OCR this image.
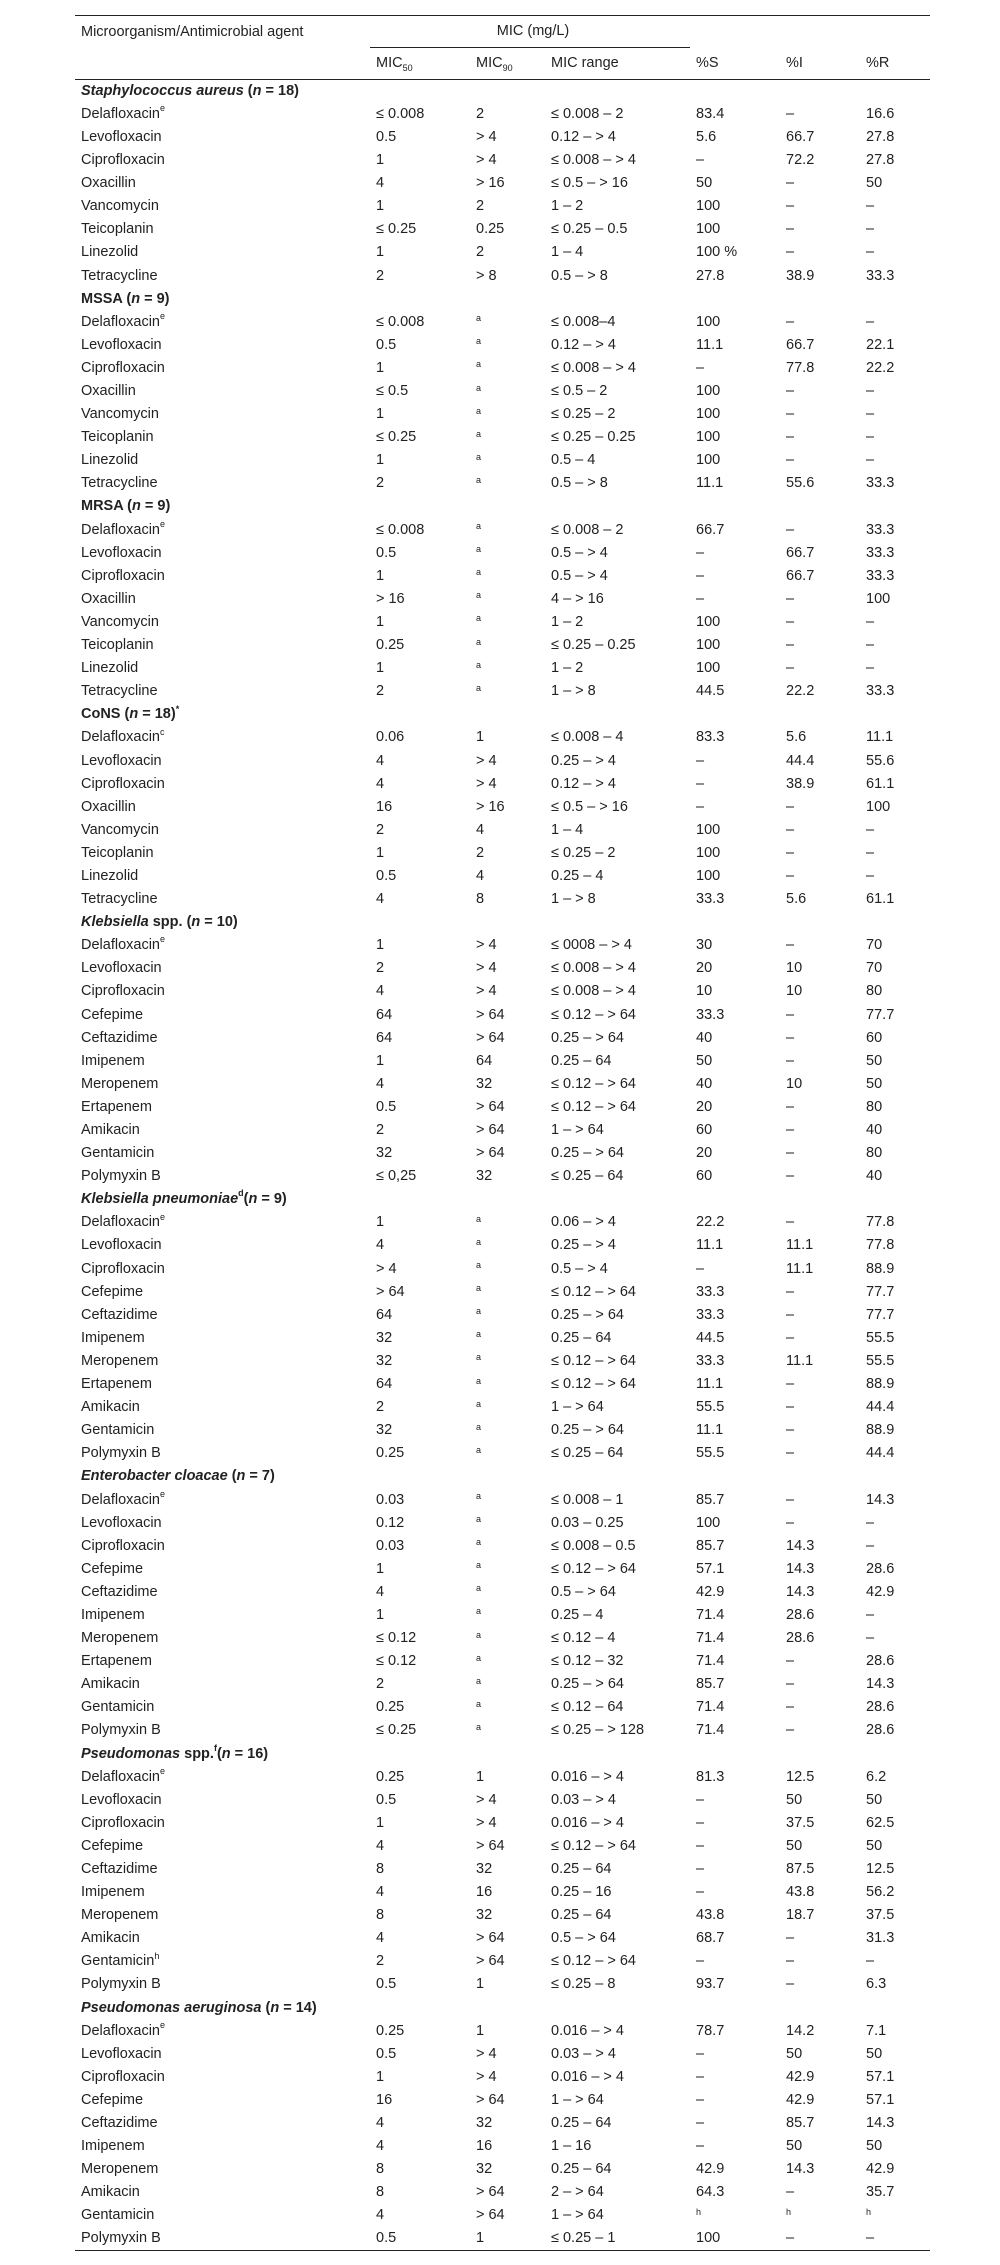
Microorganism/Antimicrobial agent	MIC (mg/L)					
	$MIC_{50}$	$MIC_{90}$	MIC range	%S	%I	%R
Staphylococcus aureus (n = 18)						
Delafloxacin$^e$	≤ 0.008	2	≤ 0.008 – 2	83.4	–	16.6
Levofloxacin	0.5	> 4	0.12 – > 4	5.6	66.7	27.8
Ciprofloxacin	1	> 4	≤ 0.008 – > 4	–	72.2	27.8
Oxacillin	4	> 16	≤ 0.5 – > 16	50	–	50
Vancomycin	1	2	1 – 2	100	–	–
Teicoplanin	≤ 0.25	0.25	≤ 0.25 – 0.5	100	–	–
Linezolid	1	2	1 – 4	100 %	–	–
Tetracycline	2	> 8	0.5 – > 8	27.8	38.9	33.3
MSSA (n = 9)						
Delafloxacin$^e$	≤ 0.008	$^a$	≤ 0.008–4	100	–	–
Levofloxacin	0.5	$^a$	0.12 – > 4	11.1	66.7	22.1
Ciprofloxacin	1	$^a$	≤ 0.008 – > 4	–	77.8	22.2
Oxacillin	≤ 0.5	$^a$	≤ 0.5 – 2	100	–	–
Vancomycin	1	$^a$	≤ 0.25 – 2	100	–	–
Teicoplanin	≤ 0.25	$^a$	≤ 0.25 – 0.25	100	–	–
Linezolid	1	$^a$	0.5 – 4	100	–	–
Tetracycline	2	$^a$	0.5 – > 8	11.1	55.6	33.3
MRSA (n = 9)						
Delafloxacin$^e$	≤ 0.008	$^a$	≤ 0.008 – 2	66.7	–	33.3
Levofloxacin	0.5	$^a$	0.5 – > 4	–	66.7	33.3
Ciprofloxacin	1	$^a$	0.5 – > 4	–	66.7	33.3
Oxacillin	> 16	$^a$	4 – > 16	–	–	100
Vancomycin	1	$^a$	1 – 2	100	–	–
Teicoplanin	0.25	$^a$	≤ 0.25 – 0.25	100	–	–
Linezolid	1	$^a$	1 – 2	100	–	–
Tetracycline	2	$^a$	1 – > 8	44.5	22.2	33.3
CoNS (n = 18)*
Delafloxacin$^c$	0.06	1	≤ 0.008 – 4	83.3	5.6	11.1
Levofloxacin	4	> 4	0.25 – > 4	–	44.4	55.6
Ciprofloxacin	4	> 4	0.12 – > 4	–	38.9	61.1
Oxacillin	16	> 16	≤ 0.5 – > 16	–	–	100
Vancomycin	2	4	1 – 4	100	–	–
Teicoplanin	1	2	≤ 0.25 – 2	100	–	–
Linezolid	0.5	4	0.25 – 4	100	–	–
Tetracycline	4	8	1 – > 8	33.3	5.6	61.1
Klebsiella spp. (n = 10)						
Delafloxacin$^e$	1	> 4	≤ 0008 – > 4	30	–	70
Levofloxacin	2	> 4	≤ 0.008 – > 4	20	10	70
Ciprofloxacin	4	> 4	≤ 0.008 – > 4	10	10	80
Cefepime	64	> 64	≤ 0.12 – > 64	33.3	–	77.7
Ceftazidime	64	> 64	0.25 – > 64	40	–	60
Imipenem	1	64	0.25 – 64	50	–	50
Meropenem	4	32	≤ 0.12 – > 64	40	10	50
Ertapenem	0.5	> 64	≤ 0.12 – > 64	20	–	80
Amikacin	2	> 64	1 – > 64	60	–	40
Gentamicin	32	> 64	0.25 – > 64	20	–	80
Polymyxin B	≤ 0,25	32	≤ 0.25 – 64	60	–	40
Klebsiella pneumoniae$^d$(n = 9)						
Delafloxacin$^e$	1	$^a$	0.06 – > 4	22.2	–	77.8
Levofloxacin	4	$^a$	0.25 – > 4	11.1	11.1	77.8
Ciprofloxacin	> 4	$^a$	0.5 – > 4	–	11.1	88.9
Cefepime	> 64	$^a$	≤ 0.12 – > 64	33.3	–	77.7
Ceftazidime	64	$^a$	0.25 – > 64	33.3	–	77.7
Imipenem	32	$^a$	0.25 – 64	44.5	–	55.5
Meropenem	32	$^a$	≤ 0.12 – > 64	33.3	11.1	55.5
Ertapenem	64	$^a$	≤ 0.12 – > 64	11.1	–	88.9
Amikacin	2	$^a$	1 – > 64	55.5	–	44.4
Gentamicin	32	$^a$	0.25 – > 64	11.1	–	88.9
Polymyxin B	0.25	$^a$	≤ 0.25 – 64	55.5	–	44.4
Enterobacter cloacae (n = 7)						
Delafloxacin$^e$	0.03	$^a$	≤ 0.008 – 1	85.7	–	14.3
Levofloxacin	0.12	$^a$	0.03 – 0.25	100	–	–
Ciprofloxacin	0.03	$^a$	≤ 0.008 – 0.5	85.7	14.3	–
Cefepime	1	$^a$	≤ 0.12 – > 64	57.1	14.3	28.6
Ceftazidime	4	$^a$	0.5 – > 64	42.9	14.3	42.9
Imipenem	1	$^a$	0.25 – 4	71.4	28.6	–
Meropenem	≤ 0.12	$^a$	≤ 0.12 – 4	71.4	28.6	–
Ertapenem	≤ 0.12	$^a$	≤ 0.12 – 32	71.4	–	28.6
Amikacin	2	$^a$	0.25 – > 64	85.7	–	14.3
Gentamicin	0.25	$^a$	≤ 0.12 – 64	71.4	–	28.6
Polymyxin B	≤ 0.25	$^a$	≤ 0.25 – > 128	71.4	–	28.6
Pseudomonas spp.$^f$(n = 16)						
Delafloxacin$^e$	0.25	1	0.016 – > 4	81.3	12.5	6.2
Levofloxacin	0.5	> 4	0.03 – > 4	–	50	50
Ciprofloxacin	1	> 4	0.016 – > 4	–	37.5	62.5
Cefepime	4	> 64	≤ 0.12 – > 64	–	50	50
Ceftazidime	8	32	0.25 – 64	–	87.5	12.5
Imipenem	4	16	0.25 – 16	–	43.8	56.2
Meropenem	8	32	0.25 – 64	43.8	18.7	37.5
Amikacin	4	> 64	0.5 – > 64	68.7	–	31.3
Gentamicin$^h$	2	> 64	≤ 0.12 – > 64	–	–	–
Polymyxin B	0.5	1	≤ 0.25 – 8	93.7	–	6.3
Pseudomonas aeruginosa (n = 14)						
Delafloxacin$^e$	0.25	1	0.016 – > 4	78.7	14.2	7.1
Levofloxacin	0.5	> 4	0.03 – > 4	–	50	50
Ciprofloxacin	1	> 4	0.016 – > 4	–	42.9	57.1
Cefepime	16	> 64	1 – > 64	–	42.9	57.1
Ceftazidime	4	32	0.25 – 64	–	85.7	14.3
Imipenem	4	16	1 – 16	–	50	50
Meropenem	8	32	0.25 – 64	42.9	14.3	42.9
Amikacin	8	> 64	2 – > 64	64.3	–	35.7
Gentamicin	4	> 64	1 – > 64	$^h$	$^h$	$^h$
Polymyxin B	0.5	1	≤ 0.25 – 1	100	–	–
